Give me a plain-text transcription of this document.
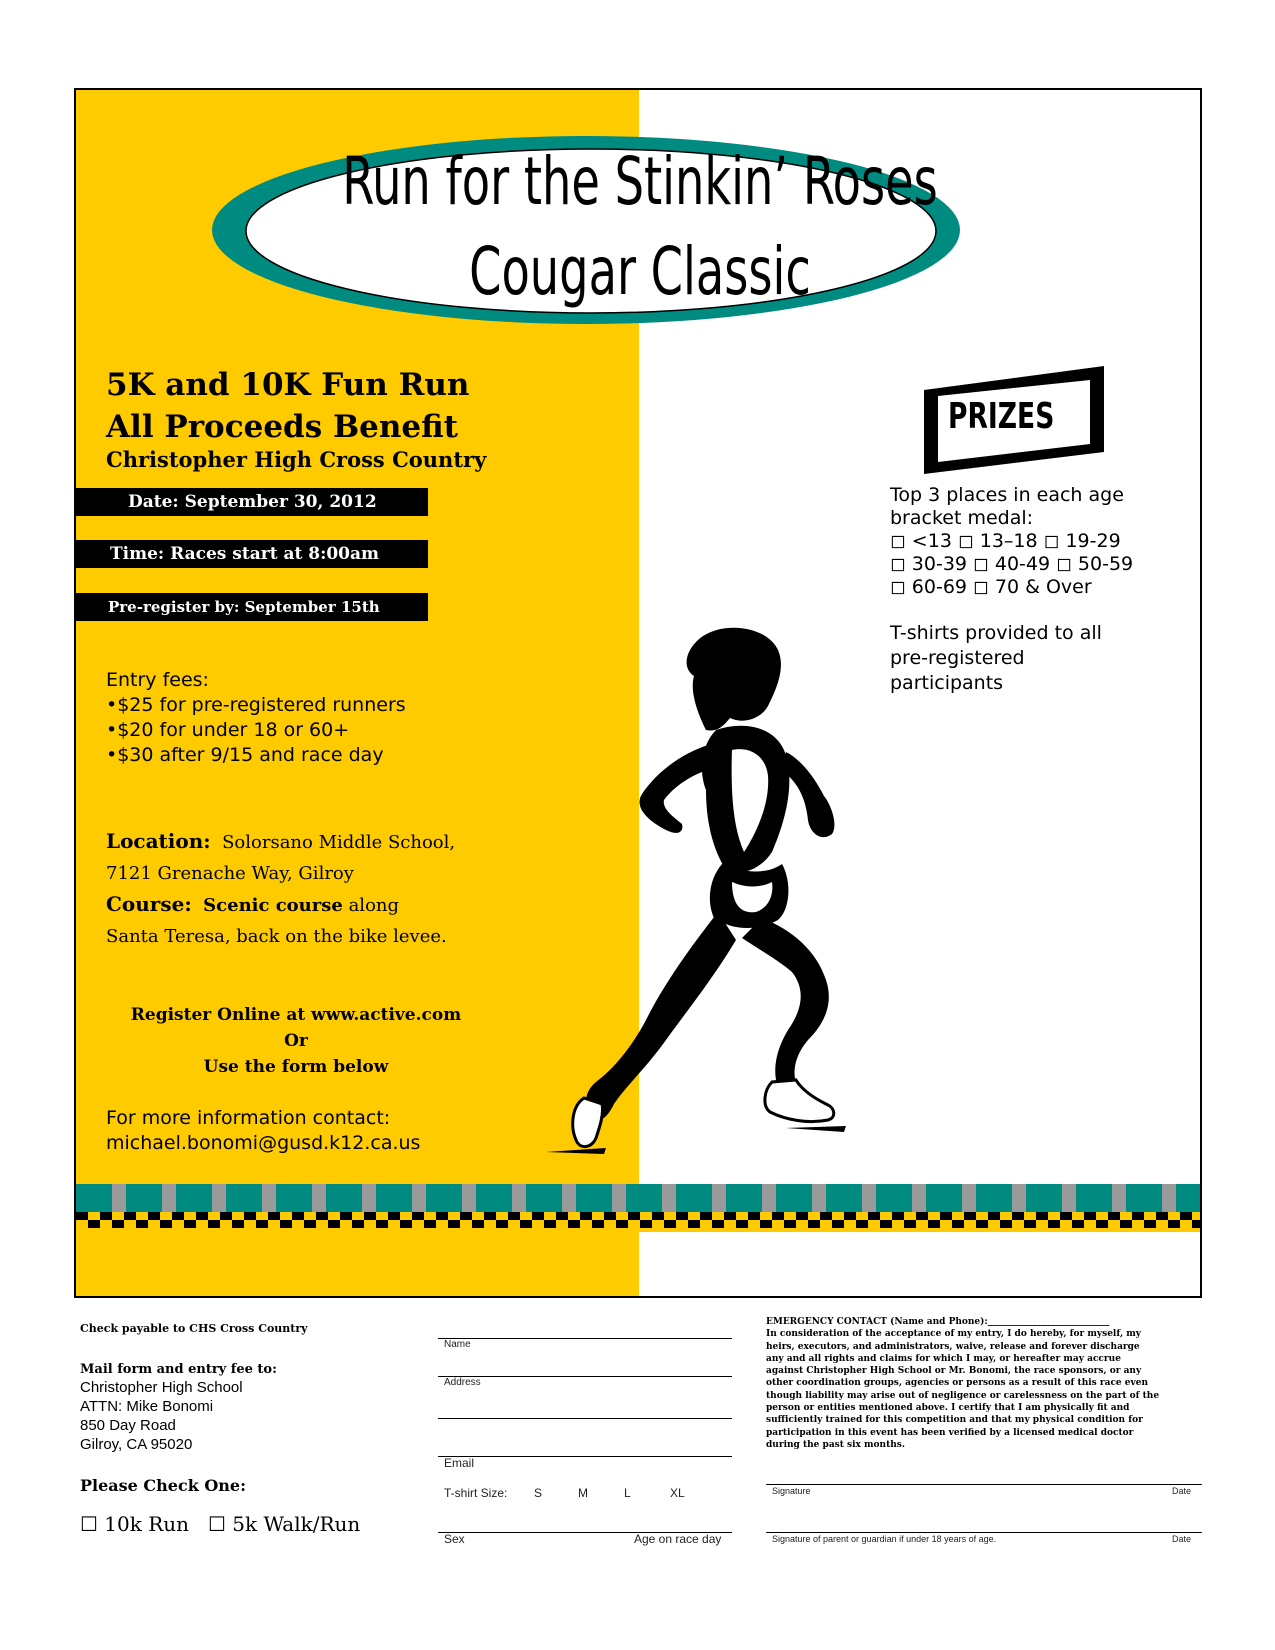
Run for the Stinkin’ Roses
Cougar Classic
5K and 10K Fun Run
All Proceeds Benefit
Christopher High Cross Country
Date: September 30, 2012
Time: Races start at 8:00am
Pre-register by: September 15th
Entry fees:
•$25 for pre-registered runners
•$20 for under 18 or 60+
•$30 after 9/15 and race day
Location: Solorsano Middle School,
7121 Grenache Way, Gilroy
Course: Scenic course along
Santa Teresa, back on the bike levee.
Register Online at www.active.com
Or
Use the form below
For more information contact:
michael.bonomi@gusd.k12.ca.us
PRIZES
Top 3 places in each age
bracket medal:
◻ <13 ◻ 13–18 ◻ 19-29
◻ 30-39 ◻ 40-49 ◻ 50-59
◻ 60-69 ◻ 70 & Over
T-shirts provided to all
pre-registered
participants
Check payable to CHS Cross Country
Mail form and entry fee to:
Christopher High School
ATTN: Mike Bonomi
850 Day Road
Gilroy, CA 95020
Please Check One:
☐ 10k Run ☐ 5k Walk/Run
Name
Address
Email
T-shirt Size: S	M	L	XL
Sex	Age on race day
EMERGENCY CONTACT (Name and Phone):___________________________
In consideration of the acceptance of my entry, I do hereby, for myself, my
heirs, executors, and administrators, waive, release and forever discharge
any and all rights and claims for which I may, or hereafter may accrue
against Christopher High School or Mr. Bonomi, the race sponsors, or any
other coordination groups, agencies or persons as a result of this race even
though liability may arise out of negligence or carelessness on the part of the
person or entities mentioned above. I certify that I am physically fit and
sufficiently trained for this competition and that my physical condition for
participation in this event has been verified by a licensed medical doctor
during the past six months.
Signature	Date
Signature of parent or guardian if under 18 years of age.	Date
